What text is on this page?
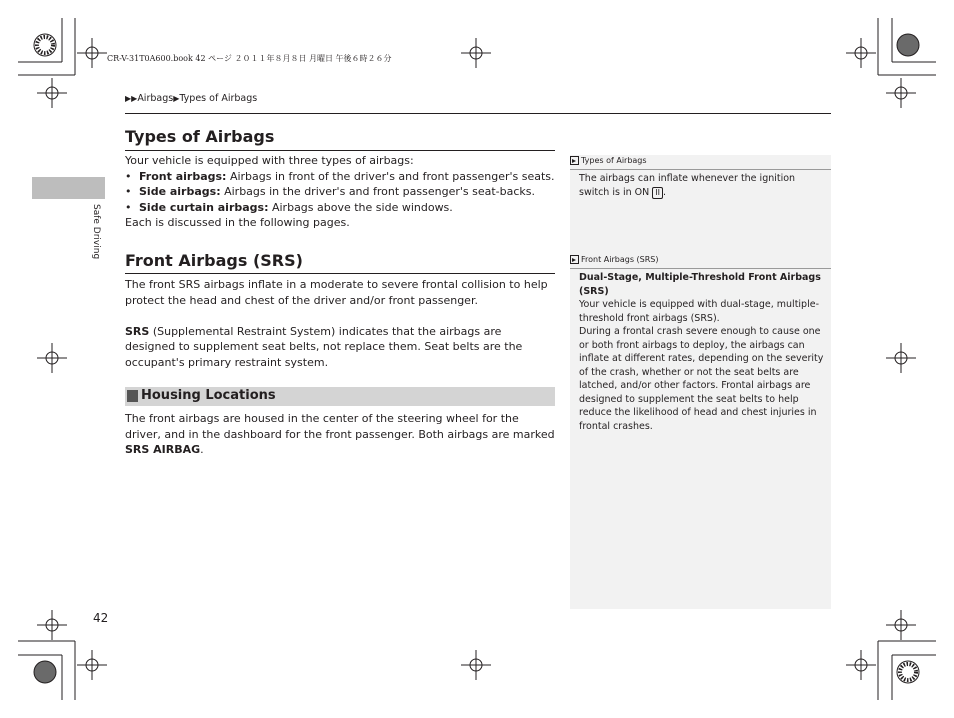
CR-V-31T0A600.book 42 ページ ２０１１年８月８日 月曜日 午後６時２６分
▶▶Airbags▶Types of Airbags
Safe Driving
Types of Airbags

Your vehicle is equipped with three types of airbags:

• Front airbags: Airbags in front of the driver's and front passenger's seats.
• Side airbags: Airbags in the driver's and front passenger's seat-backs.
• Side curtain airbags: Airbags above the side windows.

Each is discussed in the following pages.

Front Airbags (SRS)

The front SRS airbags inflate in a moderate to severe frontal collision to help protect the head and chest of the driver and/or front passenger.

SRS (Supplemental Restraint System) indicates that the airbags are designed to supplement seat belts, not replace them. Seat belts are the occupant's primary restraint system.

Housing Locations

The front airbags are housed in the center of the steering wheel for the driver, and in the dashboard for the front passenger. Both airbags are marked SRS AIRBAG.

Types of Airbags

The airbags can inflate whenever the ignition switch is in ON II .

Front Airbags (SRS)

Dual-Stage, Multiple-Threshold Front Airbags (SRS)

Your vehicle is equipped with dual-stage, multiple-threshold front airbags (SRS).

During a frontal crash severe enough to cause one or both front airbags to deploy, the airbags can inflate at different rates, depending on the severity of the crash, whether or not the seat belts are latched, and/or other factors. Frontal airbags are designed to supplement the seat belts to help reduce the likelihood of head and chest injuries in frontal crashes.

42
